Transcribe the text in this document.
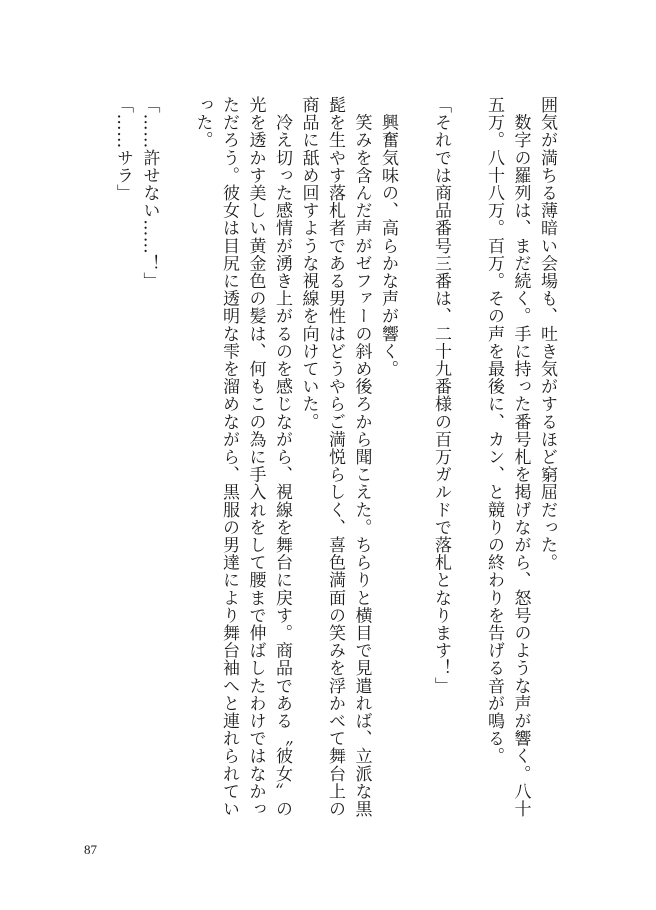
囲気が満ちる薄暗い会場も、吐き気がするほど窮屈だった。
　数字の羅列は、まだ続く。手に持った番号札を掲げながら、怒号のような声が響く。八十
五万。八十八万。百万。その声を最後に、カン、と競りの終わりを告げる音が鳴る。
「それでは商品番号三番は、二十九番様の百万ガルドで落札となります！」
　興奮気味の、高らかな声が響く。
　笑みを含んだ声がゼファーの斜め後ろから聞こえた。ちらりと横目で見遣れば、立派な黒
髭を生やす落札者である男性はどうやらご満悦らしく、喜色満面の笑みを浮かべて舞台上の
商品に舐め回すような視線を向けていた。
　冷え切った感情が湧き上がるのを感じながら、視線を舞台に戻す。商品である〝彼女〟の
光を透かす美しい黄金色の髪は、何もこの為に手入れをして腰まで伸ばしたわけではなかっ
ただろう。彼女は目尻に透明な雫を溜めながら、黒服の男達により舞台袖へと連れられてい
った。
「……許せない……！」
「……サラ」
87
